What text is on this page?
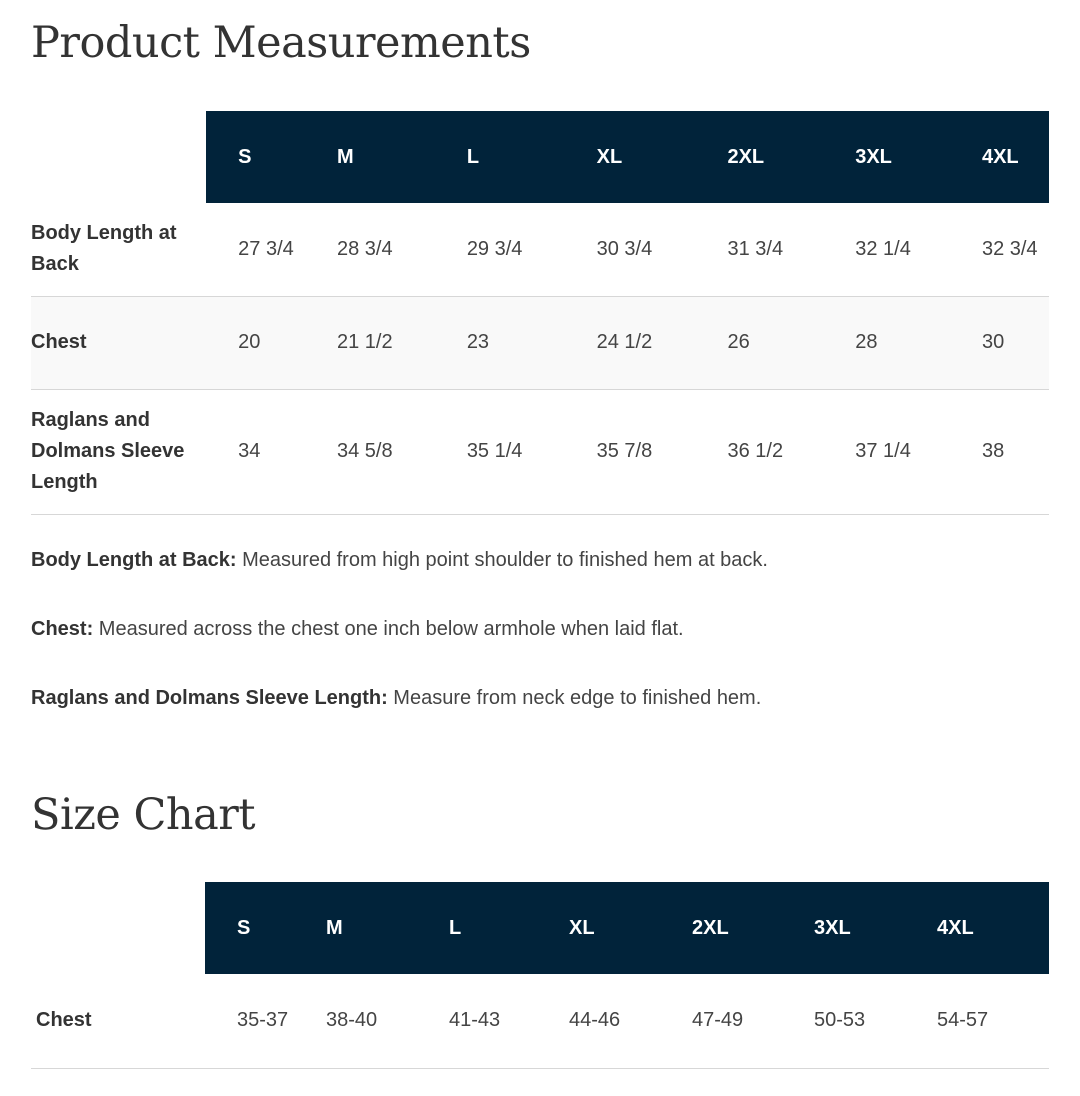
Product Measurements
	S	M	L	XL	2XL	3XL	4XL
Body Length at Back	27 3/4	28 3/4	29 3/4	30 3/4	31 3/4	32 1/4	32 3/4
Chest	20	21 1/2	23	24 1/2	26	28	30
Raglans and Dolmans Sleeve Length	34	34 5/8	35 1/4	35 7/8	36 1/2	37 1/4	38

Body Length at Back: Measured from high point shoulder to finished hem at back.

Chest: Measured across the chest one inch below armhole when laid flat.

Raglans and Dolmans Sleeve Length: Measure from neck edge to finished hem.

Size Chart
	S	M	L	XL	2XL	3XL	4XL
Chest	35-37	38-40	41-43	44-46	47-49	50-53	54-57
